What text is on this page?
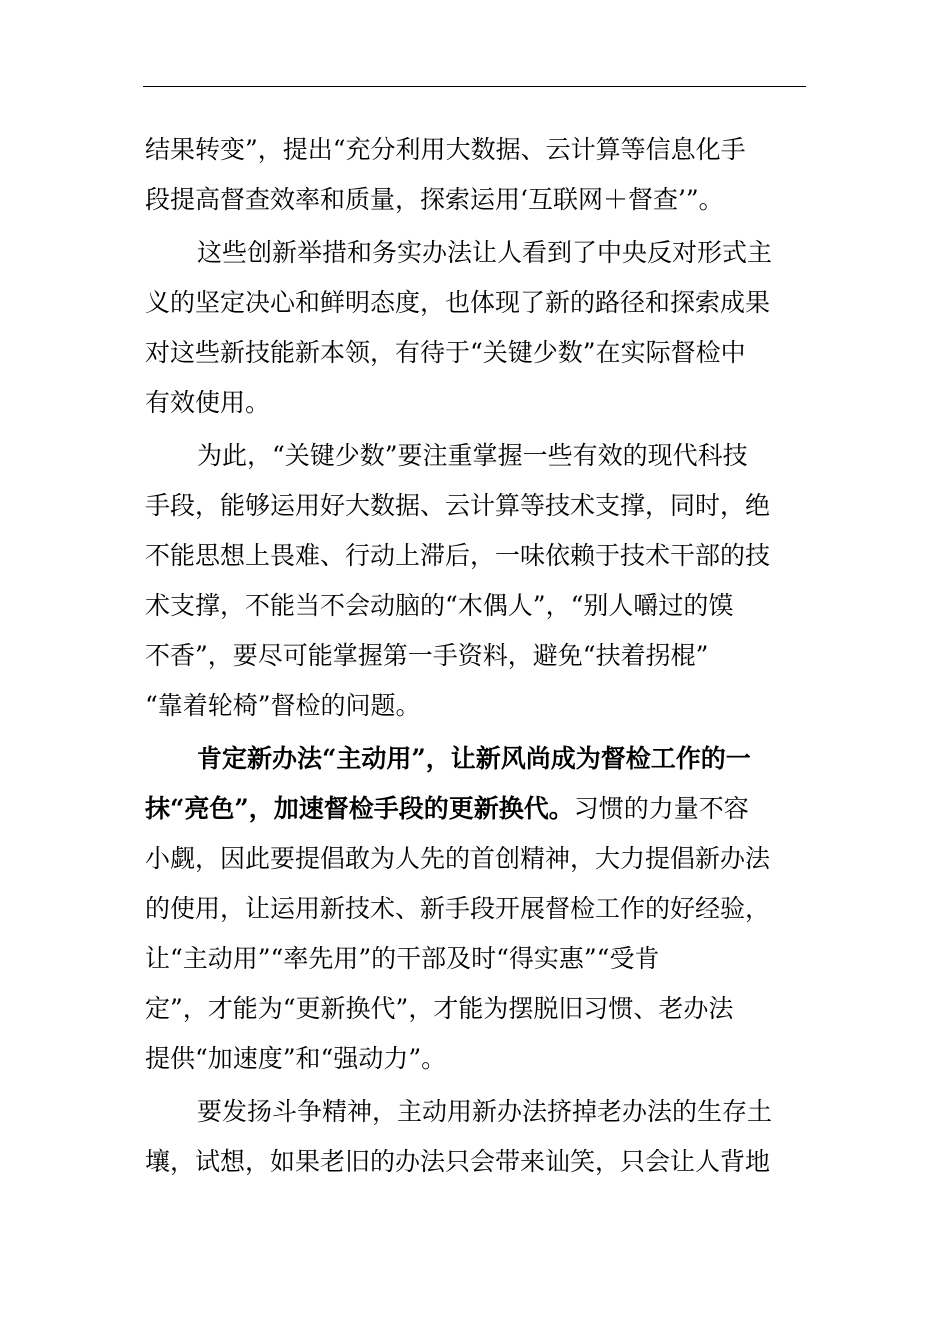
结果转变”，提出“充分利用大数据、云计算等信息化手
段提高督查效率和质量，探索运用‘互联网＋督查’”。
这些创新举措和务实办法让人看到了中央反对形式主
义的坚定决心和鲜明态度，也体现了新的路径和探索成果
对这些新技能新本领，有待于“关键少数”在实际督检中
有效使用。
为此，“关键少数”要注重掌握一些有效的现代科技
手段，能够运用好大数据、云计算等技术支撑，同时，绝
不能思想上畏难、行动上滞后，一味依赖于技术干部的技
术支撑，不能当不会动脑的“木偶人”，“别人嚼过的馍
不香”，要尽可能掌握第一手资料，避免“扶着拐棍”
“靠着轮椅”督检的问题。
肯定新办法“主动用”，让新风尚成为督检工作的一
抹“亮色”，加速督检手段的更新换代。习惯的力量不容
小觑，因此要提倡敢为人先的首创精神，大力提倡新办法
的使用，让运用新技术、新手段开展督检工作的好经验，
让“主动用”“率先用”的干部及时“得实惠”“受肯
定”，才能为“更新换代”，才能为摆脱旧习惯、老办法
提供“加速度”和“强动力”。
要发扬斗争精神，主动用新办法挤掉老办法的生存土
壤，试想，如果老旧的办法只会带来讪笑，只会让人背地
